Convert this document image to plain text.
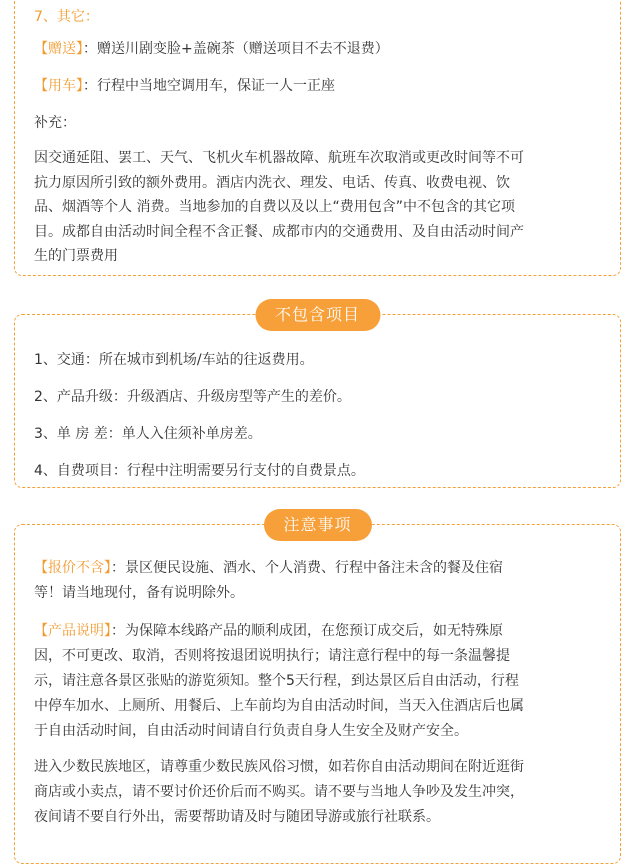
7、其它：
【赠送】：赠送川剧变脸+盖碗茶（赠送项目不去不退费）
【用车】：行程中当地空调用车，保证一人一正座
补充：
因交通延阻、罢工、天气、飞机火车机器故障、航班车次取消或更改时间等不可
抗力原因所引致的额外费用。酒店内洗衣、理发、电话、传真、收费电视、饮
品、烟酒等个人 消费。当地参加的自费以及以上“费用包含”中不包含的其它项
目。成都自由活动时间全程不含正餐、成都市内的交通费用、及自由活动时间产
生的门票费用
不包含项目
1、交通：所在城市到机场/车站的往返费用。
2、产品升级：升级酒店、升级房型等产生的差价。
3、单 房 差：单人入住须补单房差。
4、自费项目：行程中注明需要另行支付的自费景点。
注意事项
【报价不含】：景区便民设施、酒水、个人消费、行程中备注未含的餐及住宿
等！请当地现付，备有说明除外。
【产品说明】：为保障本线路产品的顺利成团，在您预订成交后，如无特殊原
因，不可更改、取消，否则将按退团说明执行；请注意行程中的每一条温馨提
示，请注意各景区张贴的游览须知。整个5天行程，到达景区后自由活动，行程
中停车加水、上厕所、用餐后、上车前均为自由活动时间，当天入住酒店后也属
于自由活动时间，自由活动时间请自行负责自身人生安全及财产安全。
进入少数民族地区，请尊重少数民族风俗习惯，如若你自由活动期间在附近逛街
商店或小卖点，请不要讨价还价后而不购买。请不要与当地人争吵及发生冲突，
夜间请不要自行外出，需要帮助请及时与随团导游或旅行社联系。
